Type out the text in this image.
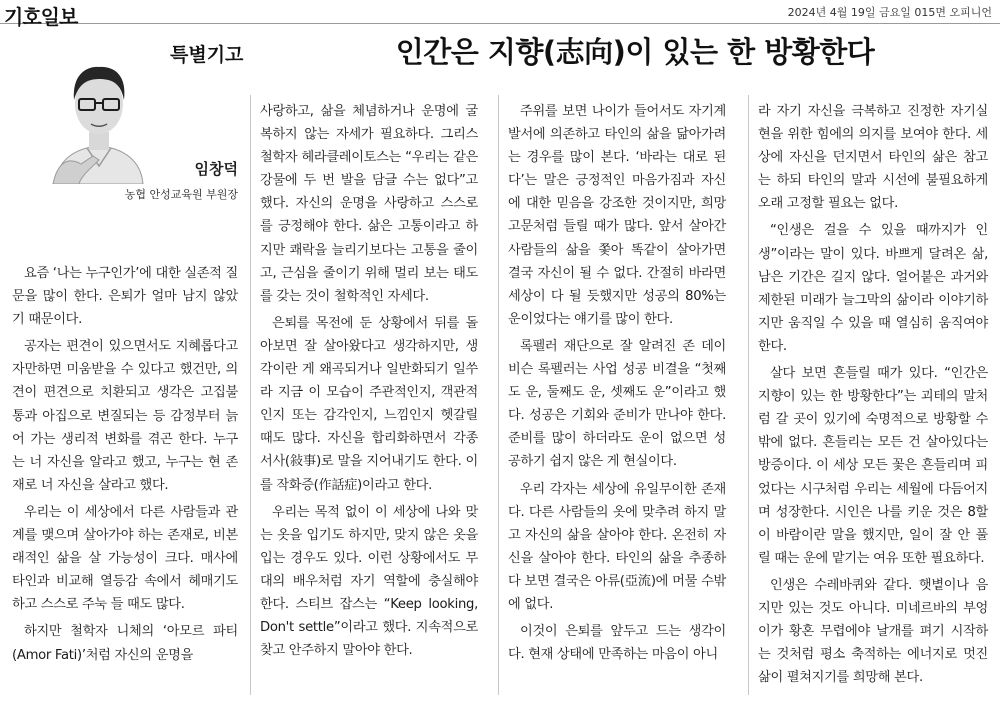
기호일보	2024년 4월 19일 금요일 015면 오피니언
특별기고	인간은 지향(志向)이 있는 한 방황한다
임창덕
농협 안성교육원 부원장

요즘 ‘나는 누구인가’에 대한 실존적 질문을 많이 한다. 은퇴가 얼마 남지 않았기 때문이다.

공자는 편견이 있으면서도 지혜롭다고 자만하면 미움받을 수 있다고 했건만, 의견이 편견으로 치환되고 생각은 고집불통과 아집으로 변질되는 등 감정부터 늙어 가는 생리적 변화를 겪곤 한다. 누구는 너 자신을 알라고 했고, 누구는 현 존재로 너 자신을 살라고 했다.

우리는 이 세상에서 다른 사람들과 관계를 맺으며 살아가야 하는 존재로, 비본래적인 삶을 살 가능성이 크다. 매사에 타인과 비교해 열등감 속에서 헤매기도 하고 스스로 주눅 들 때도 많다.

하지만 철학자 니체의 ‘아모르 파티(Amor Fati)’처럼 자신의 운명을

사랑하고, 삶을 체념하거나 운명에 굴복하지 않는 자세가 필요하다. 그리스 철학자 헤라클레이토스는 “우리는 같은 강물에 두 번 발을 담글 수는 없다”고 했다. 자신의 운명을 사랑하고 스스로를 긍정해야 한다. 삶은 고통이라고 하지만 쾌락을 늘리기보다는 고통을 줄이고, 근심을 줄이기 위해 멀리 보는 태도를 갖는 것이 철학적인 자세다.

은퇴를 목전에 둔 상황에서 뒤를 돌아보면 잘 살아왔다고 생각하지만, 생각이란 게 왜곡되거나 일반화되기 일쑤라 지금 이 모습이 주관적인지, 객관적인지 또는 감각인지, 느낌인지 헷갈릴 때도 많다. 자신을 합리화하면서 각종 서사(敍事)로 말을 지어내기도 한다. 이를 작화증(作話症)이라고 한다.

우리는 목적 없이 이 세상에 나와 맞는 옷을 입기도 하지만, 맞지 않은 옷을 입는 경우도 있다. 이런 상황에서도 무대의 배우처럼 자기 역할에 충실해야 한다. 스티브 잡스는 “Keep looking, Don't settle”이라고 했다. 지속적으로 찾고 안주하지 말아야 한다.

주위를 보면 나이가 들어서도 자기계발서에 의존하고 타인의 삶을 닮아가려는 경우를 많이 본다. ‘바라는 대로 된다’는 말은 긍정적인 마음가짐과 자신에 대한 믿음을 강조한 것이지만, 희망고문처럼 들릴 때가 많다. 앞서 살아간 사람들의 삶을 쫓아 똑같이 살아가면 결국 자신이 될 수 없다. 간절히 바라면 세상이 다 될 듯했지만 성공의 80%는 운이었다는 얘기를 많이 한다.

록펠러 재단으로 잘 알려진 존 데이비슨 록펠러는 사업 성공 비결을 “첫째도 운, 둘째도 운, 셋째도 운”이라고 했다. 성공은 기회와 준비가 만나야 한다. 준비를 많이 하더라도 운이 없으면 성공하기 쉽지 않은 게 현실이다.

우리 각자는 세상에 유일무이한 존재다. 다른 사람들의 옷에 맞추려 하지 말고 자신의 삶을 살아야 한다. 온전히 자신을 살아야 한다. 타인의 삶을 추종하다 보면 결국은 아류(亞流)에 머물 수밖에 없다.

이것이 은퇴를 앞두고 드는 생각이다. 현재 상태에 만족하는 마음이 아니

라 자기 자신을 극복하고 진정한 자기실현을 위한 힘에의 의지를 보여야 한다. 세상에 자신을 던지면서 타인의 삶은 참고는 하되 타인의 말과 시선에 불필요하게 오래 고정할 필요는 없다.

“인생은 걸을 수 있을 때까지가 인생”이라는 말이 있다. 바쁘게 달려온 삶, 남은 기간은 길지 않다. 얼어붙은 과거와 제한된 미래가 늘그막의 삶이라 이야기하지만 움직일 수 있을 때 열심히 움직여야 한다.

살다 보면 흔들릴 때가 있다. “인간은 지향이 있는 한 방황한다”는 괴테의 말처럼 갈 곳이 있기에 숙명적으로 방황할 수밖에 없다. 흔들리는 모든 건 살아있다는 방증이다. 이 세상 모든 꽃은 흔들리며 피었다는 시구처럼 우리는 세월에 다듬어지며 성장한다. 시인은 나를 키운 것은 8할이 바람이란 말을 했지만, 일이 잘 안 풀릴 때는 운에 맡기는 여유 또한 필요하다.

인생은 수레바퀴와 같다. 햇볕이나 음지만 있는 것도 아니다. 미네르바의 부엉이가 황혼 무렵에야 날개를 펴기 시작하는 것처럼 평소 축적하는 에너지로 멋진 삶이 펼쳐지기를 희망해 본다.
